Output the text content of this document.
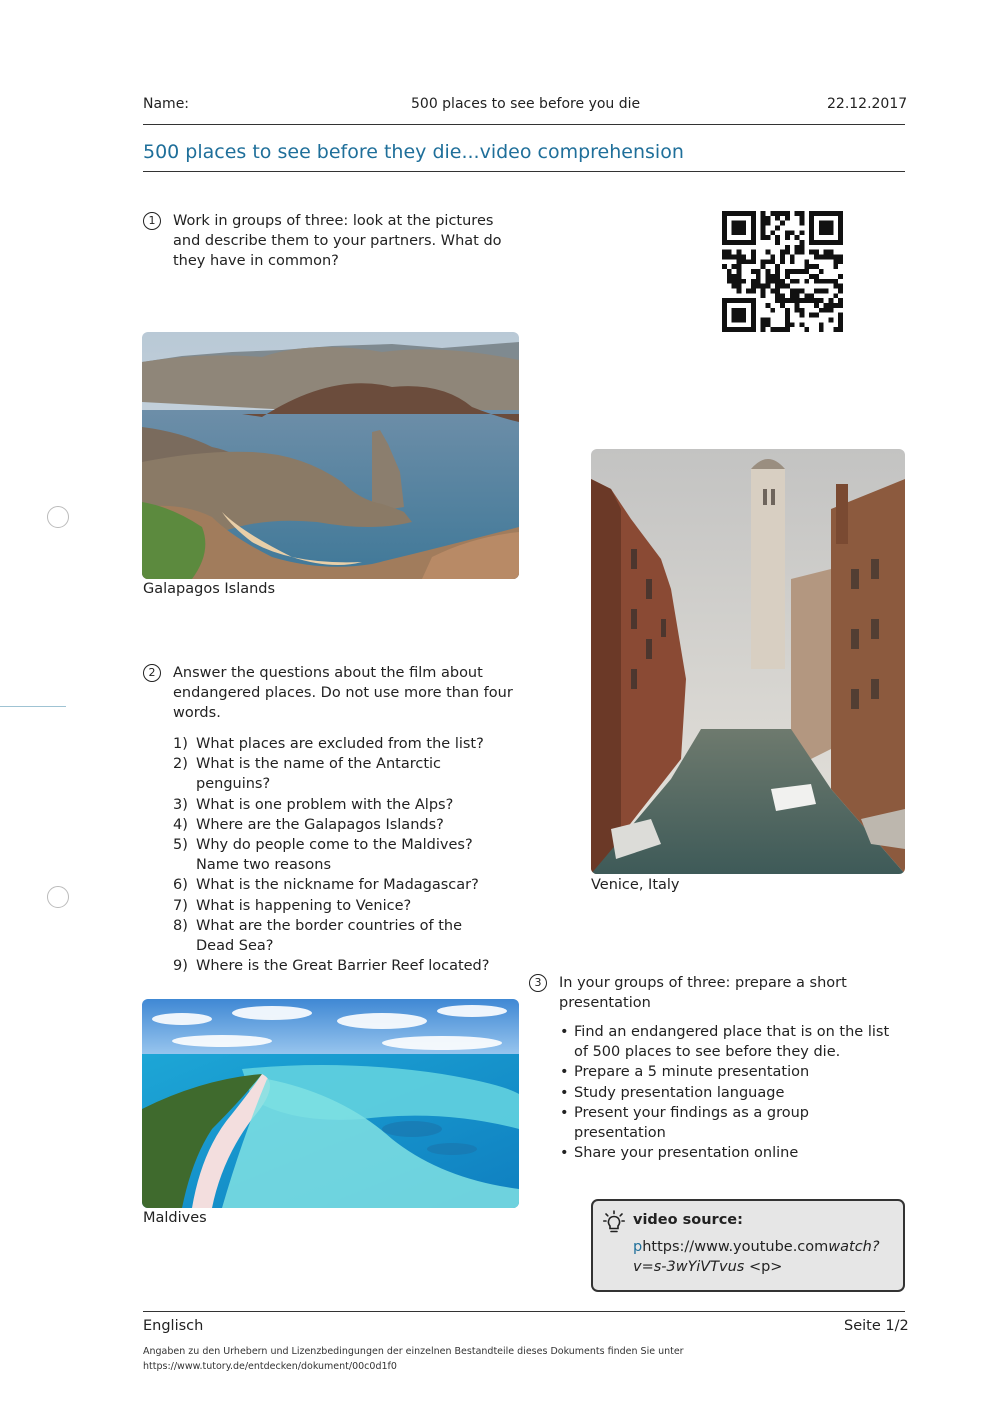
Name:	500 places to see before you die	22.12.2017
500 places to see before they die...video comprehension
1	Work in groups of three: look at the pictures and describe them to your partners. What do they have in common?
Galapagos Islands
Venice, Italy
2	Answer the questions about the film about endangered places. Do not use more than four words.
1) What places are excluded from the list?
2) What is the name of the Antarctic penguins?
3) What is one problem with the Alps?
4) Where are the Galapagos Islands?
5) Why do people come to the Maldives? Name two reasons
6) What is the nickname for Madagascar?
7) What is happening to Venice?
8) What are the border countries of the Dead Sea?
9) Where is the Great Barrier Reef located?
Maldives
3	In your groups of three: prepare a short presentation
• Find an endangered place that is on the list of 500 places to see before they die.
• Prepare a 5 minute presentation
• Study presentation language
• Present your findings as a group presentation
• Share your presentation online
video source:
phttps://www.youtube.comwatch?
v=s-3wYiVTvus <p>
Englisch	Seite 1/2
Angaben zu den Urhebern und Lizenzbedingungen der einzelnen Bestandteile dieses Dokuments finden Sie unter
https://www.tutory.de/entdecken/dokument/00c0d1f0
